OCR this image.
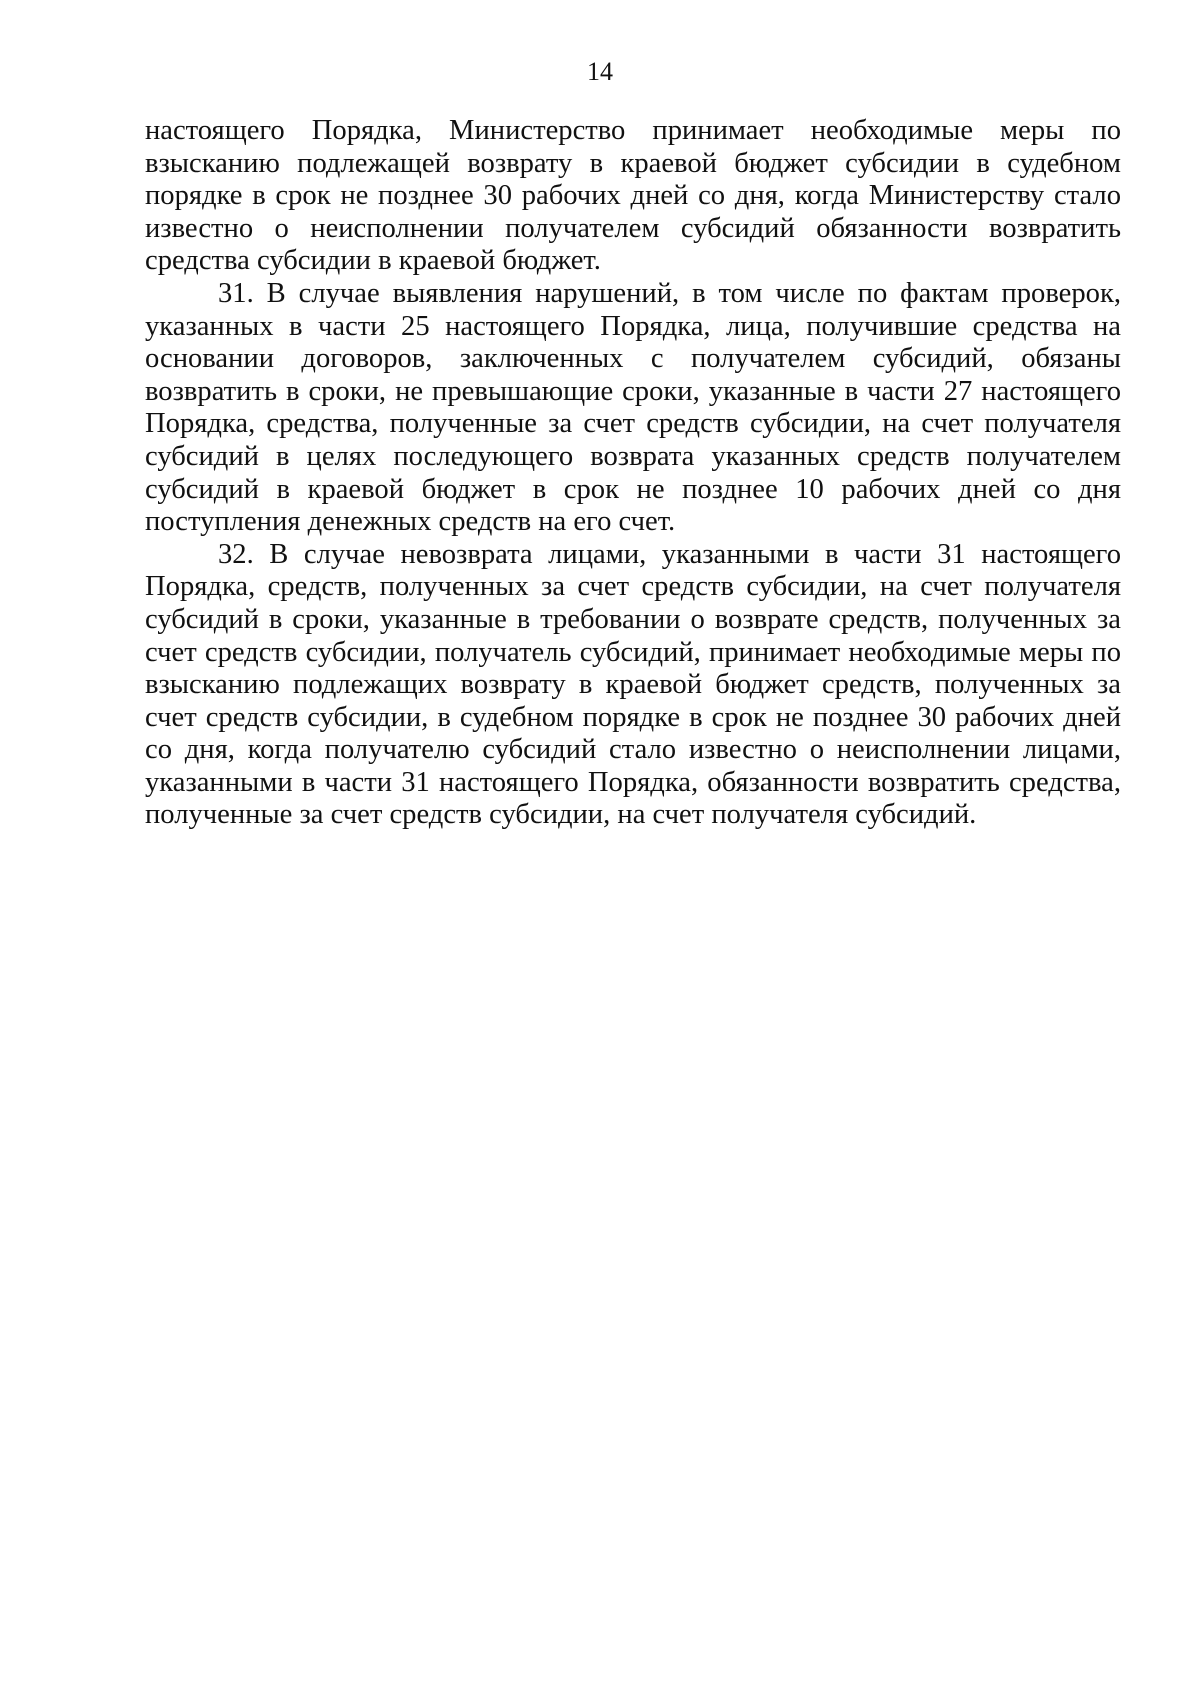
14

настоящего Порядка, Министерство принимает необходимые меры по взысканию подлежащей возврату в краевой бюджет субсидии в судебном порядке в срок не позднее 30 рабочих дней со дня, когда Министерству стало известно о неисполнении получателем субсидий обязанности возвратить средства субсидии в краевой бюджет.

31. В случае выявления нарушений, в том числе по фактам проверок, указанных в части 25 настоящего Порядка, лица, получившие средства на основании договоров, заключенных с получателем субсидий, обязаны возвратить в сроки, не превышающие сроки, указанные в части 27 настоящего Порядка, средства, полученные за счет средств субсидии, на счет получателя субсидий в целях последующего возврата указанных средств получателем субсидий в краевой бюджет в срок не позднее 10 рабочих дней со дня поступления денежных средств на его счет.

32. В случае невозврата лицами, указанными в части 31 настоящего Порядка, средств, полученных за счет средств субсидии, на счет получателя субсидий в сроки, указанные в требовании о возврате средств, полученных за счет средств субсидии, получатель субсидий, принимает необходимые меры по взысканию подлежащих возврату в краевой бюджет средств, полученных за счет средств субсидии, в судебном порядке в срок не позднее 30 рабочих дней со дня, когда получателю субсидий стало известно о неисполнении лицами, указанными в части 31 настоящего Порядка, обязанности возвратить средства, полученные за счет средств субсидии, на счет получателя субсидий.
